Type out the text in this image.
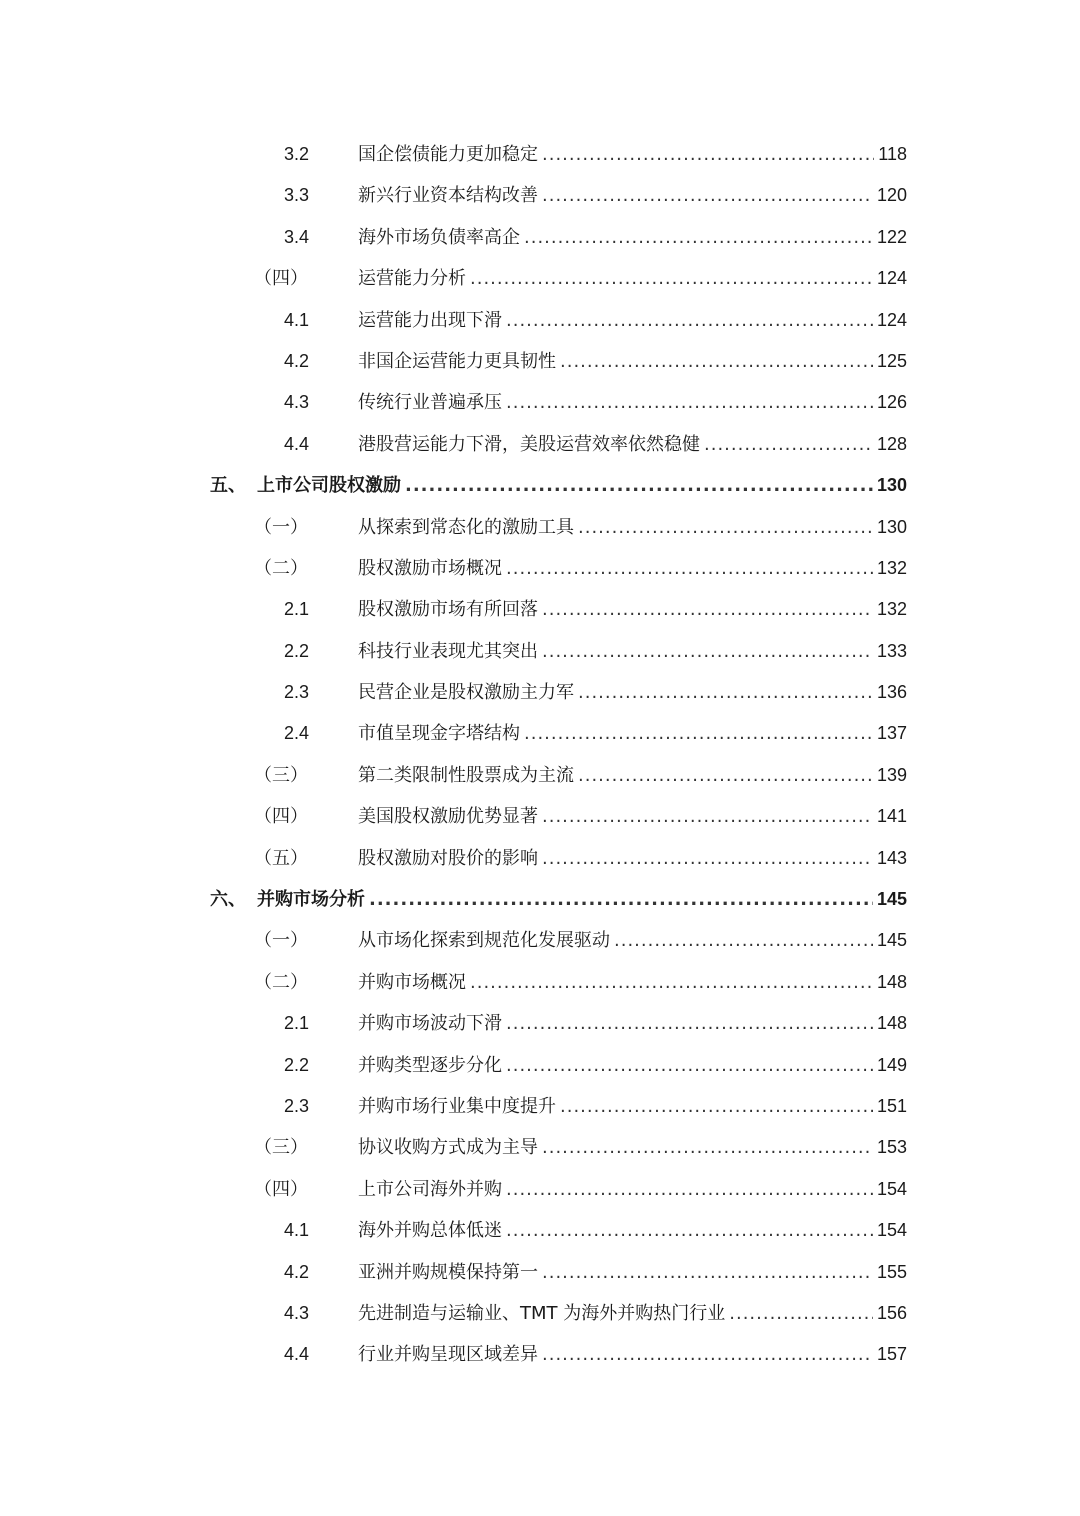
3.2	国企偿债能力更加稳定 .....	118
3.3	新兴行业资本结构改善 .....	120
3.4	海外市场负债率高企 .....	122
（四）	运营能力分析 .....	124
4.1	运营能力出现下滑 .....	124
4.2	非国企运营能力更具韧性 .....	125
4.3	传统行业普遍承压 .....	126
4.4	港股营运能力下滑，美股运营效率依然稳健 .....	128
五、 上市公司股权激励 .....	130
（一）	从探索到常态化的激励工具 .....	130
（二）	股权激励市场概况 .....	132
2.1	股权激励市场有所回落 .....	132
2.2	科技行业表现尤其突出 .....	133
2.3	民营企业是股权激励主力军 .....	136
2.4	市值呈现金字塔结构 .....	137
（三）	第二类限制性股票成为主流 .....	139
（四）	美国股权激励优势显著 .....	141
（五）	股权激励对股价的影响 .....	143
六、 并购市场分析 .....	145
（一）	从市场化探索到规范化发展驱动 .....	145
（二）	并购市场概况 .....	148
2.1	并购市场波动下滑 .....	148
2.2	并购类型逐步分化 .....	149
2.3	并购市场行业集中度提升 .....	151
（三）	协议收购方式成为主导 .....	153
（四）	上市公司海外并购 .....	154
4.1	海外并购总体低迷 .....	154
4.2	亚洲并购规模保持第一 .....	155
4.3	先进制造与运输业、TMT 为海外并购热门行业 .....	156
4.4	行业并购呈现区域差异 .....	157
